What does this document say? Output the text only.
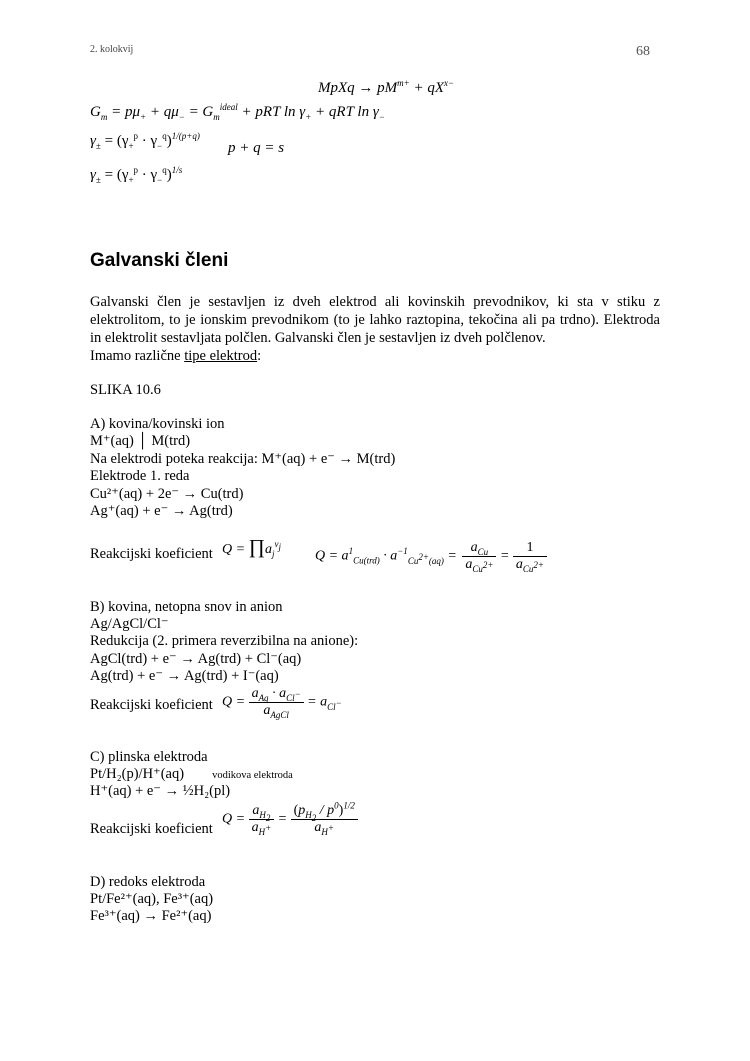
2. kolokvij	68
MpXq → $pM^{m+} + qX^{x-}$
$G_m = p\mu_+ + q\mu_- = G_m^{ideal}$ + pRT $\ln \gamma_+$ + qRT $\ln \gamma_-$
$\gamma_\pm = (\gamma_+^p \cdot \gamma_-^q)^{1/(p+q)}$
p + q = s
$\gamma_\pm = (\gamma_+^p \cdot \gamma_-^q)^{1/s}$
Galvanski členi
Galvanski člen je sestavljen iz dveh elektrod ali kovinskih prevodnikov, ki sta v stiku z elektrolitom, to je ionskim prevodnikom (to je lahko raztopina, tekočina ali pa trdno). Elektroda in elektrolit sestavljata polčlen. Galvanski člen je sestavljen iz dveh polčlenov.
Imamo različne tipe elektrod:
SLIKA 10.6
A) kovina/kovinski ion
M⁺(aq) │ M(trd)
Na elektrodi poteka reakcija: M⁺(aq) + e⁻ → M(trd)
Elektrode 1. reda
Cu²⁺(aq) + 2e⁻ → Cu(trd)
Ag⁺(aq) + e⁻ → Ag(trd)
Reakcijski koeficient $Q = \prod a_j^{\nu_j}$
$Q = a^1_{Cu(trd)} \cdot a^{-1}_{Cu^{2+}(aq)} = \frac{a_{Cu}}{a_{Cu^{2+}}} = \frac{1}{a_{Cu^{2+}}}$
B) kovina, netopna snov in anion
Ag/AgCl/Cl⁻
Redukcija (2. primera reverzibilna na anione):
AgCl(trd) + e⁻ → Ag(trd) + Cl⁻(aq)
Ag(trd) + e⁻ → Ag(trd) + I⁻(aq)
Reakcijski koeficient $Q = \frac{a_{Ag} \cdot a_{Cl^-}}{a_{AgCl}} = a_{Cl^-}$
C) plinska elektroda
Pt/H₂(p)/H⁺(aq)	vodikova elektroda
H⁺(aq) + e⁻ → ½H₂(pl)
Reakcijski koeficient
$Q = \frac{a_{H_2}}{a_{H^+}} = \frac{(p_{H_2} / p^0)^{1/2}}{a_{H^+}}$
D) redoks elektroda
Pt/Fe²⁺(aq), Fe³⁺(aq)
Fe³⁺(aq) → Fe²⁺(aq)
